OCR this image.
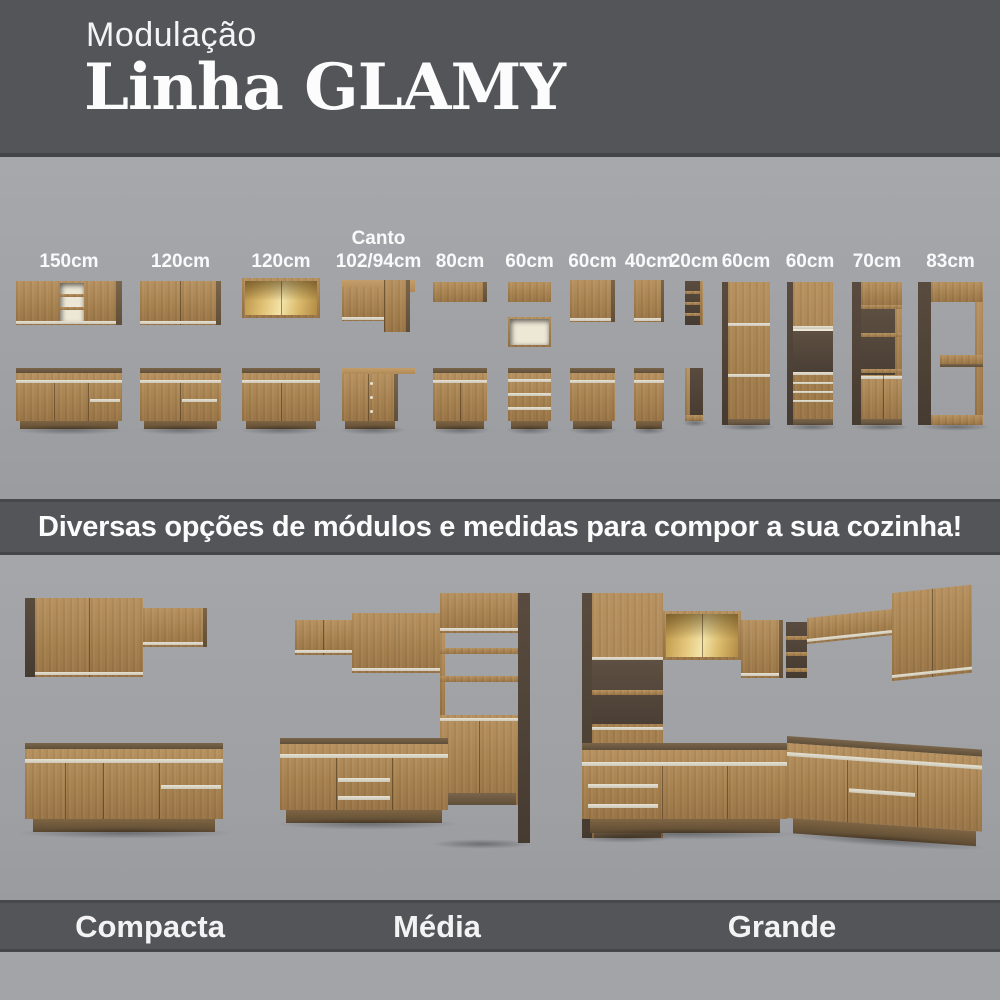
Modulação
Linha GLAMY
150cm	120cm 120cm
Canto
102/94cm 80cm 60cm 60cm 40cm
20cm 60cm 60cm 70cm 83cm
Diversas opções de módulos e medidas para compor a sua cozinha!
Compacta	Média	Grande
